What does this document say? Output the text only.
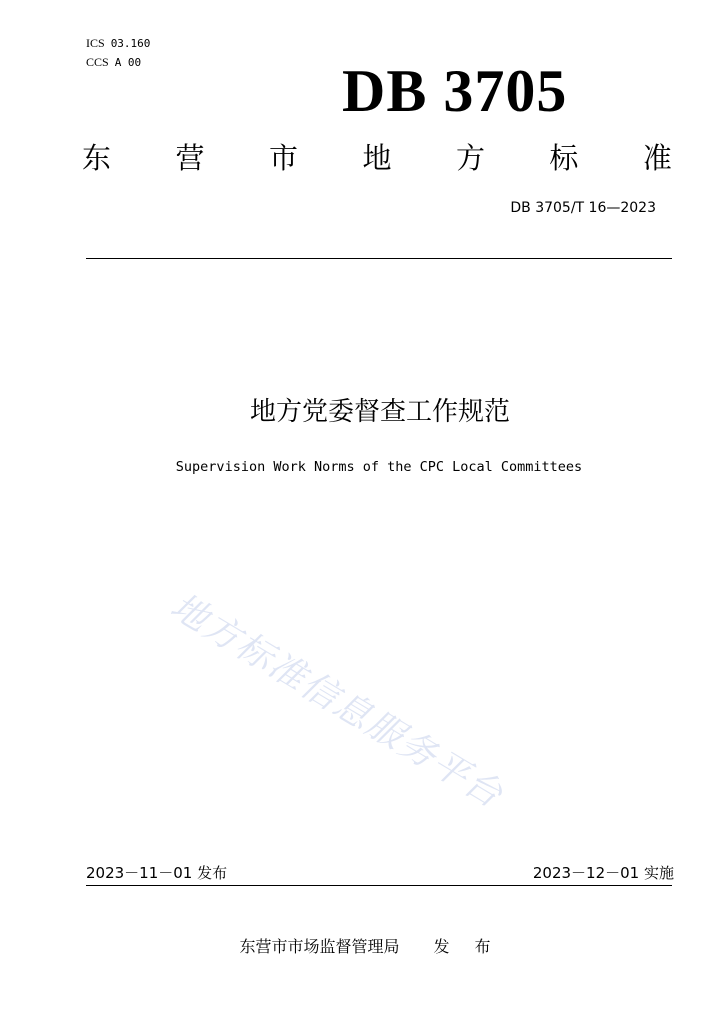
ICS 03.160
CCS A 00	DB 3705
东 营 市 地 方 标 准
DB 3705/T 16—2023
地方党委督查工作规范
Supervision Work Norms of the CPC Local Committees
地方标准信息服务平台
2023－11－01 发布	2023－12－01 实施
东营市市场监督管理局 发 布
